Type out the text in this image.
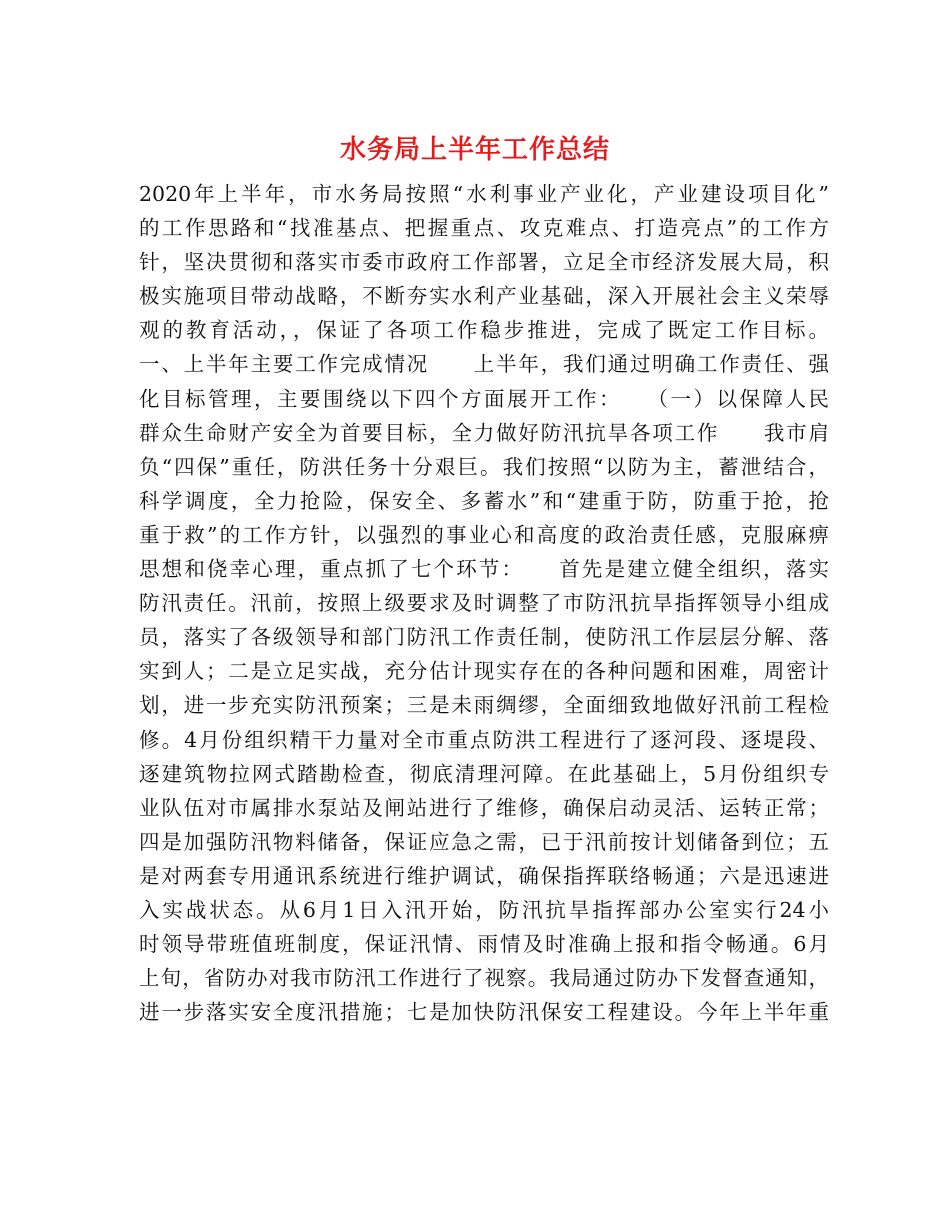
水务局上半年工作总结
2020年上半年，市水务局按照“水利事业产业化，产业建设项目化”
的工作思路和“找准基点、把握重点、攻克难点、打造亮点”的工作方
针，坚决贯彻和落实市委市政府工作部署，立足全市经济发展大局，积
极实施项目带动战略，不断夯实水利产业基础，深入开展社会主义荣辱
观的教育活动，，保证了各项工作稳步推进，完成了既定工作目标。
一、上半年主要工作完成情况　　上半年，我们通过明确工作责任、强
化目标管理，主要围绕以下四个方面展开工作：　　（一）以保障人民
群众生命财产安全为首要目标，全力做好防汛抗旱各项工作　　我市肩
负“四保”重任，防洪任务十分艰巨。我们按照“以防为主，蓄泄结合，
科学调度，全力抢险，保安全、多蓄水”和“建重于防，防重于抢，抢
重于救”的工作方针，以强烈的事业心和高度的政治责任感，克服麻痹
思想和侥幸心理，重点抓了七个环节：　　首先是建立健全组织，落实
防汛责任。汛前，按照上级要求及时调整了市防汛抗旱指挥领导小组成
员，落实了各级领导和部门防汛工作责任制，使防汛工作层层分解、落
实到人；二是立足实战，充分估计现实存在的各种问题和困难，周密计
划，进一步充实防汛预案；三是未雨绸缪，全面细致地做好汛前工程检
修。4月份组织精干力量对全市重点防洪工程进行了逐河段、逐堤段、
逐建筑物拉网式踏勘检查，彻底清理河障。在此基础上，5月份组织专
业队伍对市属排水泵站及闸站进行了维修，确保启动灵活、运转正常；
四是加强防汛物料储备，保证应急之需，已于汛前按计划储备到位；五
是对两套专用通讯系统进行维护调试，确保指挥联络畅通；六是迅速进
入实战状态。从6月1日入汛开始，防汛抗旱指挥部办公室实行24小
时领导带班值班制度，保证汛情、雨情及时准确上报和指令畅通。6月
上旬，省防办对我市防汛工作进行了视察。我局通过防办下发督查通知，
进一步落实安全度汛措施；七是加快防汛保安工程建设。今年上半年重
